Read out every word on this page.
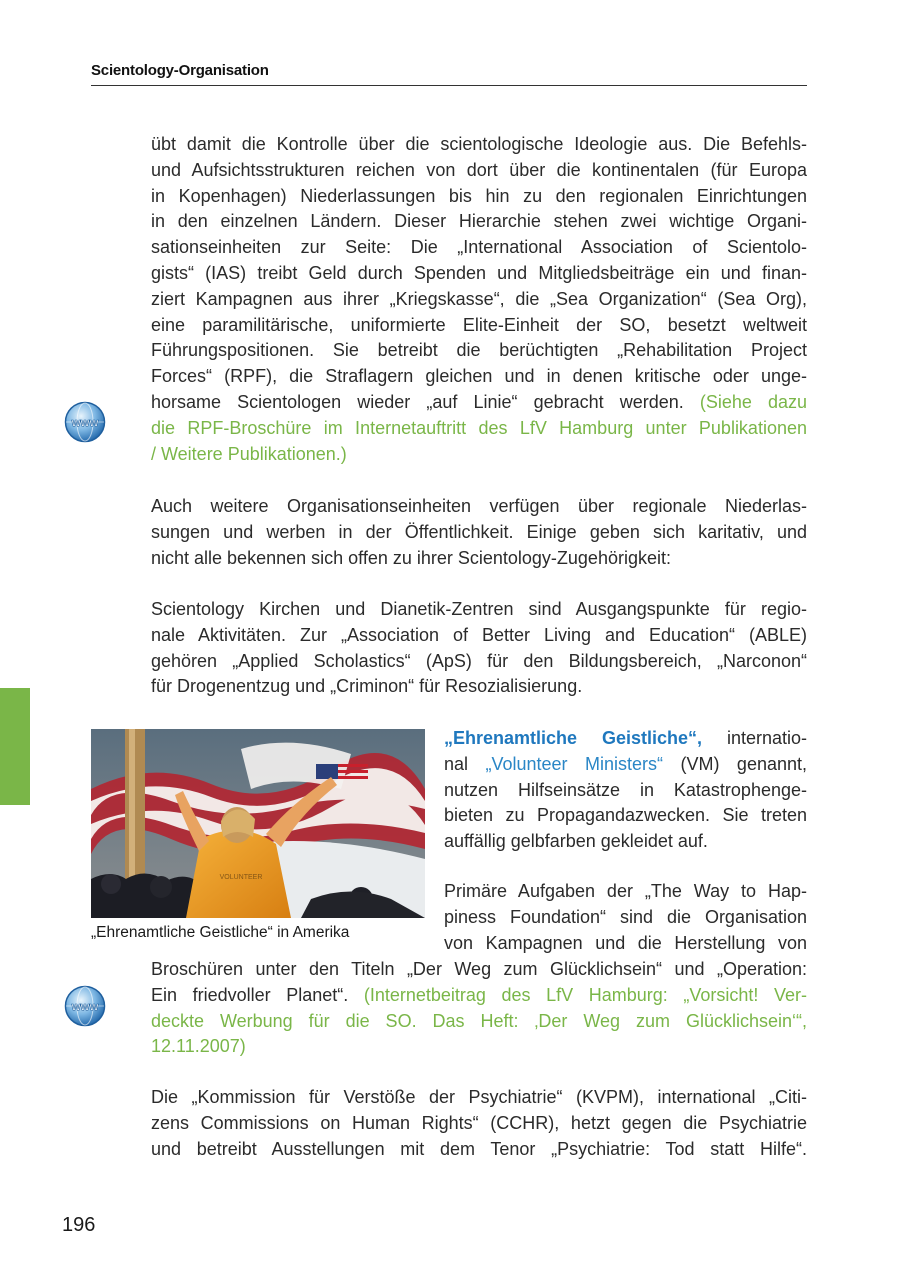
Scientology-Organisation
übt damit die Kontrolle über die scientologische Ideologie aus. Die Befehls-
und Aufsichtsstrukturen reichen von dort über die kontinentalen (für Europa
in Kopenhagen) Niederlassungen bis hin zu den regionalen Einrichtungen
in den einzelnen Ländern. Dieser Hierarchie stehen zwei wichtige Organi-
sationseinheiten zur Seite: Die „International Association of Scientolo-
gists“ (IAS) treibt Geld durch Spenden und Mitgliedsbeiträge ein und finan-
ziert Kampagnen aus ihrer „Kriegskasse“, die „Sea Organization“ (Sea Org),
eine paramilitärische, uniformierte Elite-Einheit der SO, besetzt weltweit
Führungspositionen. Sie betreibt die berüchtigten „Rehabilitation Project
Forces“ (RPF), die Straflagern gleichen und in denen kritische oder unge-
horsame Scientologen wieder „auf Linie“ gebracht werden. (Siehe dazu
die RPF-Broschüre im Internetauftritt des LfV Hamburg unter Publikationen
/ Weitere Publikationen.)
www
Auch weitere Organisationseinheiten verfügen über regionale Niederlas-
sungen und werben in der Öffentlichkeit. Einige geben sich karitativ, und
nicht alle bekennen sich offen zu ihrer Scientology-Zugehörigkeit:
Scientology Kirchen und Dianetik-Zentren sind Ausgangspunkte für regio-
nale Aktivitäten. Zur „Association of Better Living and Education“ (ABLE)
gehören „Applied Scholastics“ (ApS) für den Bildungsbereich, „Narconon“
für Drogenentzug und „Criminon“ für Resozialisierung.
VOLUNTEER
„Ehrenamtliche Geistliche“ in Amerika
„Ehrenamtliche Geistliche“, internatio-
nal „Volunteer Ministers“ (VM) genannt,
nutzen Hilfseinsätze in Katastrophenge-
bieten zu Propagandazwecken. Sie treten
auffällig gelbfarben gekleidet auf.
Primäre Aufgaben der „The Way to Hap-
piness Foundation“ sind die Organisation
von Kampagnen und die Herstellung von
Broschüren unter den Titeln „Der Weg zum Glücklichsein“ und „Operation:
Ein friedvoller Planet“. (Internetbeitrag des LfV Hamburg: „Vorsicht! Ver-
deckte Werbung für die SO. Das Heft: ‚Der Weg zum Glücklichsein‘“,
12.11.2007)
www
Die „Kommission für Verstöße der Psychiatrie“ (KVPM), international „Citi-
zens Commissions on Human Rights“ (CCHR), hetzt gegen die Psychiatrie
und betreibt Ausstellungen mit dem Tenor „Psychiatrie: Tod statt Hilfe“.
196
